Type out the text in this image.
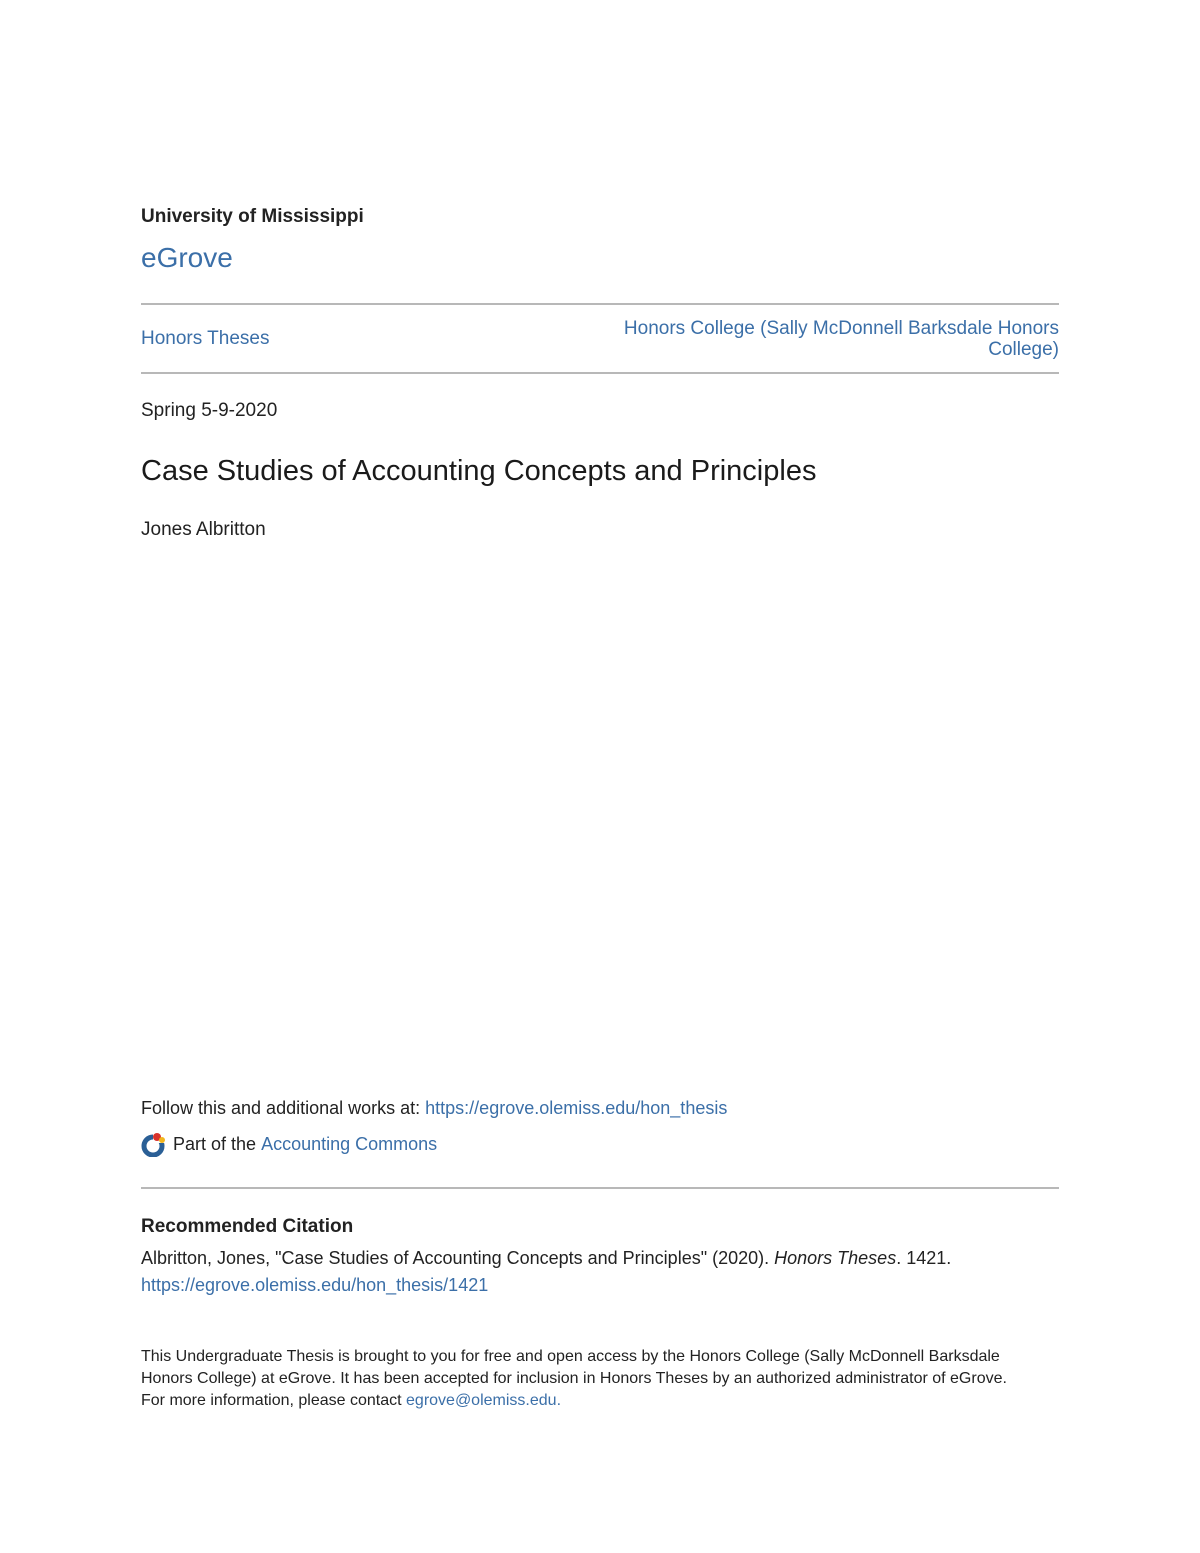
University of Mississippi
eGrove
Honors Theses	Honors College (Sally McDonnell Barksdale Honors College)
Spring 5-9-2020
Case Studies of Accounting Concepts and Principles
Jones Albritton
Follow this and additional works at: https://egrove.olemiss.edu/hon_thesis
Part of the
Accounting Commons
Recommended Citation
Albritton, Jones, "Case Studies of Accounting Concepts and Principles" (2020). Honors Theses. 1421.
https://egrove.olemiss.edu/hon_thesis/1421
This Undergraduate Thesis is brought to you for free and open access by the Honors College (Sally McDonnell Barksdale Honors College) at eGrove. It has been accepted for inclusion in Honors Theses by an authorized administrator of eGrove. For more information, please contact egrove@olemiss.edu.
